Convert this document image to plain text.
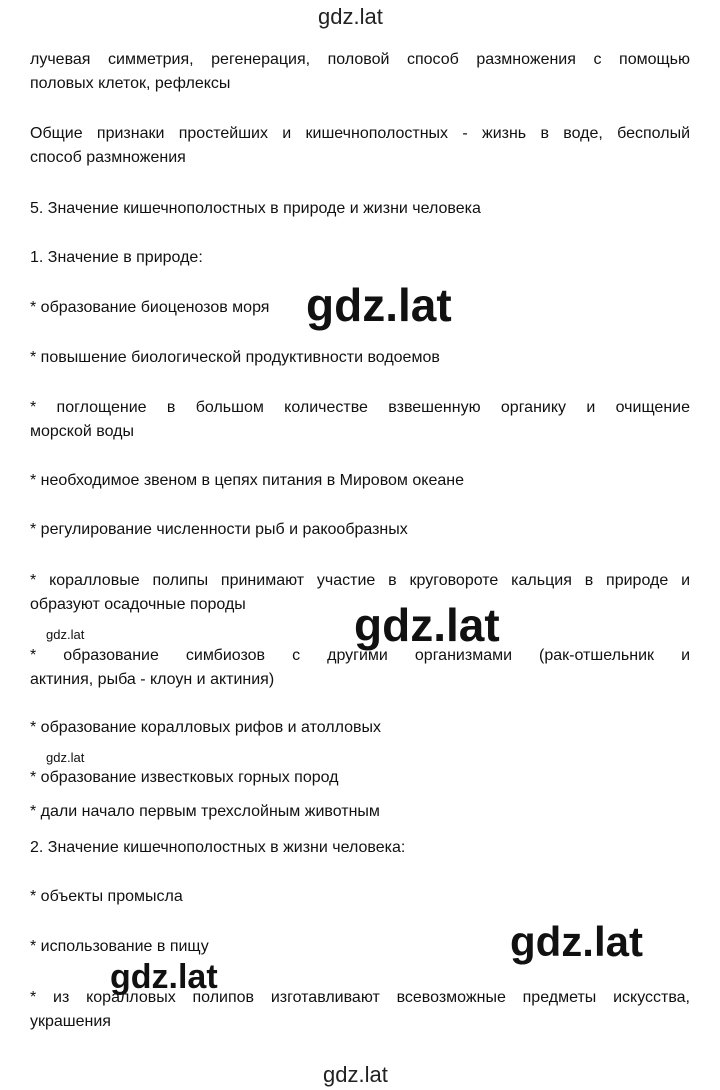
gdz.lat
лучевая симметрия, регенерация, половой способ размножения с помощью
половых клеток, рефлексы
Общие признаки простейших и кишечнополостных - жизнь в воде, бесполый
способ размножения
5. Значение кишечнополостных в природе и жизни человека
1. Значение в природе:
* образование биоценозов моря
* повышение биологической продуктивности водоемов
* поглощение в большом количестве взвешенную органику и очищение
морской воды
* необходимое звеном в цепях питания в Мировом океане
* регулирование численности рыб и ракообразных
* коралловые полипы принимают участие в круговороте кальция в природе и
образуют осадочные породы
gdz.lat
* образование симбиозов с другими организмами (рак-отшельник и
актиния, рыба - клоун и актиния)
* образование коралловых рифов и атолловых
gdz.lat
* образование известковых горных пород
* дали начало первым трехслойным животным
2. Значение кишечнополостных в жизни человека:
* объекты промысла
* использование в пищу
* из коралловых полипов изготавливают всевозможные предметы искусства,
украшения
gdz.lat
gdz.lat
gdz.lat
gdz.lat
gdz.lat
